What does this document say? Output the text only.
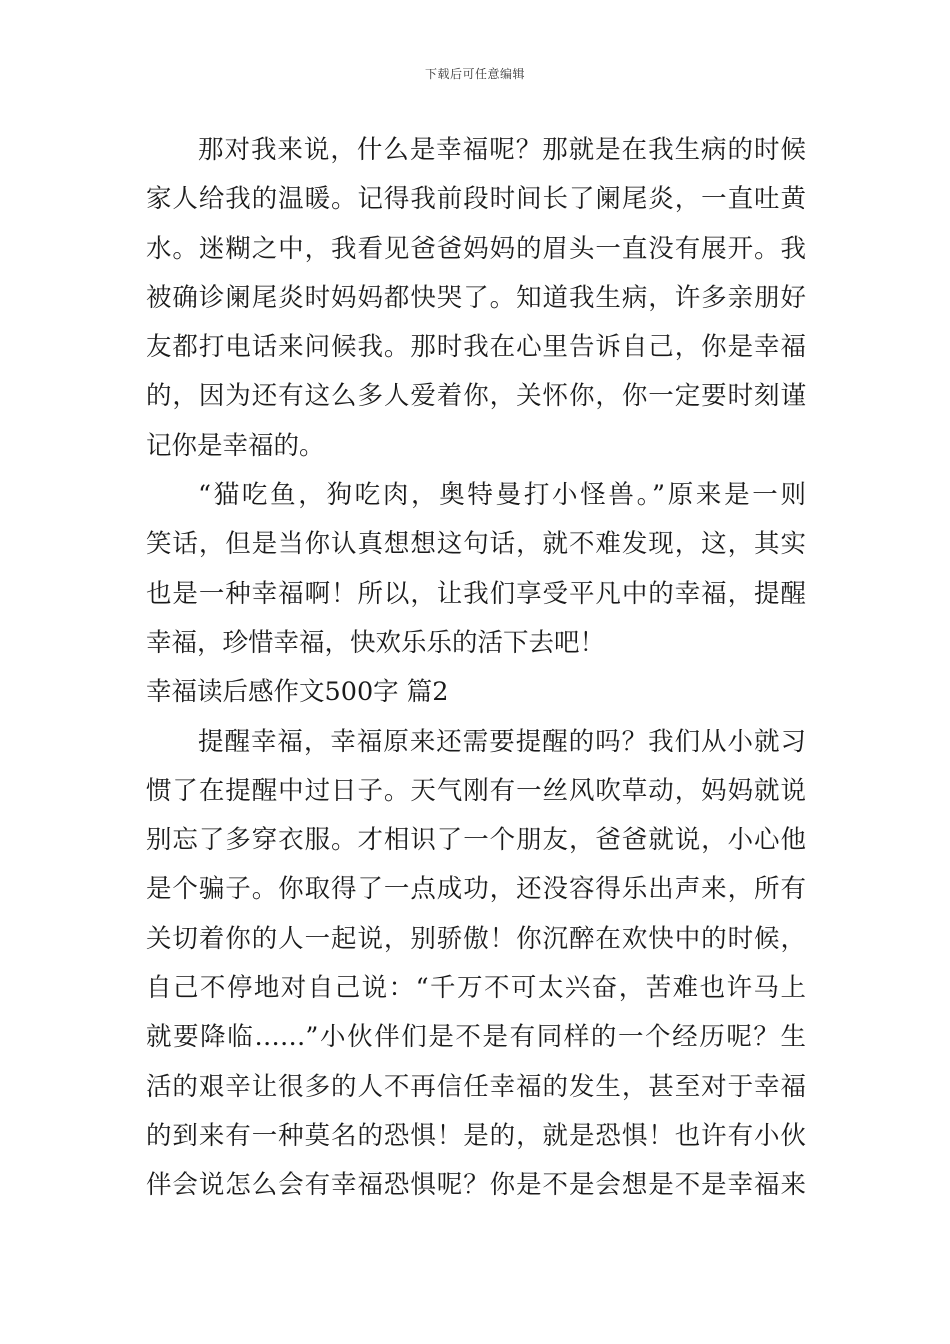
下载后可任意编辑
那对我来说，什么是幸福呢？那就是在我生病的时候
家人给我的温暖。记得我前段时间长了阑尾炎，一直吐黄
水。迷糊之中，我看见爸爸妈妈的眉头一直没有展开。我
被确诊阑尾炎时妈妈都快哭了。知道我生病，许多亲朋好
友都打电话来问候我。那时我在心里告诉自己，你是幸福
的，因为还有这么多人爱着你，关怀你，你一定要时刻谨
记你是幸福的。
“猫吃鱼，狗吃肉，奥特曼打小怪兽。”原来是一则
笑话，但是当你认真想想这句话，就不难发现，这，其实
也是一种幸福啊！所以，让我们享受平凡中的幸福，提醒
幸福，珍惜幸福，快欢乐乐的活下去吧！
幸福读后感作文500字 篇2
提醒幸福，幸福原来还需要提醒的吗？我们从小就习
惯了在提醒中过日子。天气刚有一丝风吹草动，妈妈就说
别忘了多穿衣服。才相识了一个朋友，爸爸就说，小心他
是个骗子。你取得了一点成功，还没容得乐出声来，所有
关切着你的人一起说，别骄傲！你沉醉在欢快中的时候，
自己不停地对自己说：“千万不可太兴奋，苦难也许马上
就要降临……”小伙伴们是不是有同样的一个经历呢？生
活的艰辛让很多的人不再信任幸福的发生，甚至对于幸福
的到来有一种莫名的恐惧！是的，就是恐惧！也许有小伙
伴会说怎么会有幸福恐惧呢？你是不是会想是不是幸福来
